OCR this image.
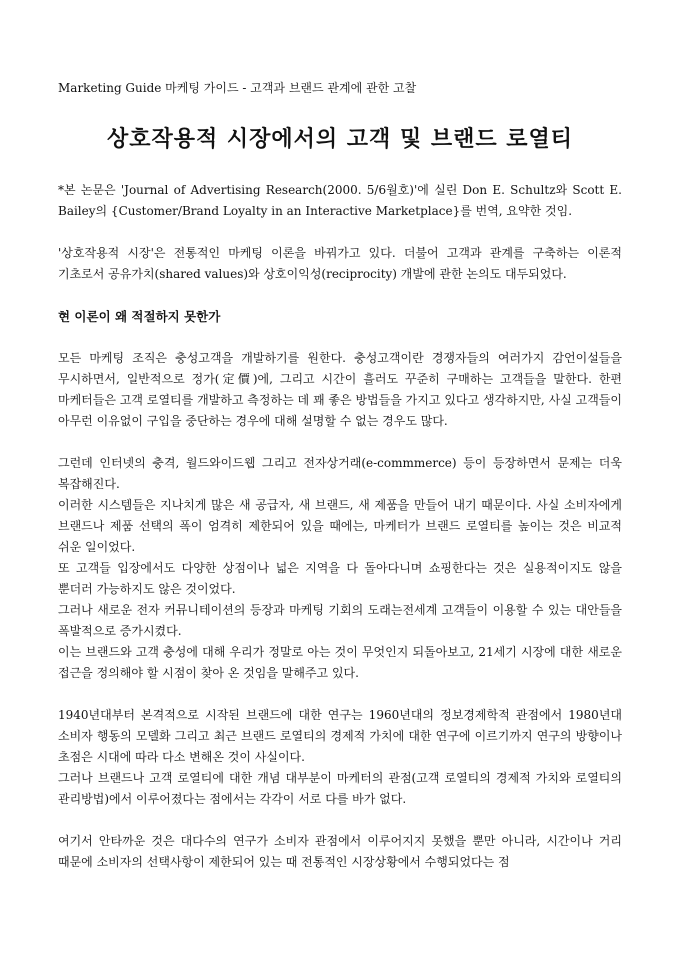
Marketing Guide 마케팅 가이드 - 고객과 브랜드 관계에 관한 고찰
상호작용적 시장에서의 고객 및 브랜드 로열티

*본 논문은 'Journal of Advertising Research(2000. 5/6월호)'에 실린 Don E. Schultz와 Scott E. Bailey의 {Customer/Brand Loyalty in an Interactive Marketplace}를 번역, 요약한 것임.

'상호작용적 시장'은 전통적인 마케팅 이론을 바꿔가고 있다. 더불어 고객과 관계를 구축하는 이론적 기초로서 공유가치(shared values)와 상호이익성(reciprocity) 개발에 관한 논의도 대두되었다.

현 이론이 왜 적절하지 못한가

모든 마케팅 조직은 충성고객을 개발하기를 원한다. 충성고객이란 경쟁자들의 여러가지 감언이설들을 무시하면서, 일반적으로 정가(定價)에, 그리고 시간이 흘러도 꾸준히 구매하는 고객들을 말한다. 한편 마케터들은 고객 로열티를 개발하고 측정하는 데 꽤 좋은 방법들을 가지고 있다고 생각하지만, 사실 고객들이 아무런 이유없이 구입을 중단하는 경우에 대해 설명할 수 없는 경우도 많다.

그런데 인터넷의 충격, 월드와이드웹 그리고 전자상거래(e-commmerce) 등이 등장하면서 문제는 더욱 복잡해진다.

이러한 시스템들은 지나치게 많은 새 공급자, 새 브랜드, 새 제품을 만들어 내기 때문이다. 사실 소비자에게 브랜드나 제품 선택의 폭이 엄격히 제한되어 있을 때에는, 마케터가 브랜드 로열티를 높이는 것은 비교적 쉬운 일이었다.

또 고객들 입장에서도 다양한 상점이나 넓은 지역을 다 돌아다니며 쇼핑한다는 것은 실용적이지도 않을 뿐더러 가능하지도 않은 것이었다.

그러나 새로운 전자 커뮤니테이션의 등장과 마케팅 기회의 도래는전세계 고객들이 이용할 수 있는 대안들을 폭발적으로 증가시켰다.

이는 브랜드와 고객 충성에 대해 우리가 정말로 아는 것이 무엇인지 되돌아보고, 21세기 시장에 대한 새로운 접근을 정의해야 할 시점이 찾아 온 것임을 말해주고 있다.

1940년대부터 본격적으로 시작된 브랜드에 대한 연구는 1960년대의 정보경제학적 관점에서 1980년대 소비자 행동의 모델화 그리고 최근 브랜드 로열티의 경제적 가치에 대한 연구에 이르기까지 연구의 방향이나 초점은 시대에 따라 다소 변해온 것이 사실이다.

그러나 브랜드나 고객 로열티에 대한 개념 대부분이 마케터의 관점(고객 로열티의 경제적 가치와 로열티의 관리방법)에서 이루어졌다는 점에서는 각각이 서로 다를 바가 없다.

여기서 안타까운 것은 대다수의 연구가 소비자 관점에서 이루어지지 못했을 뿐만 아니라, 시간이나 거리 때문에 소비자의 선택사항이 제한되어 있는 때 전통적인 시장상황에서 수행되었다는 점
